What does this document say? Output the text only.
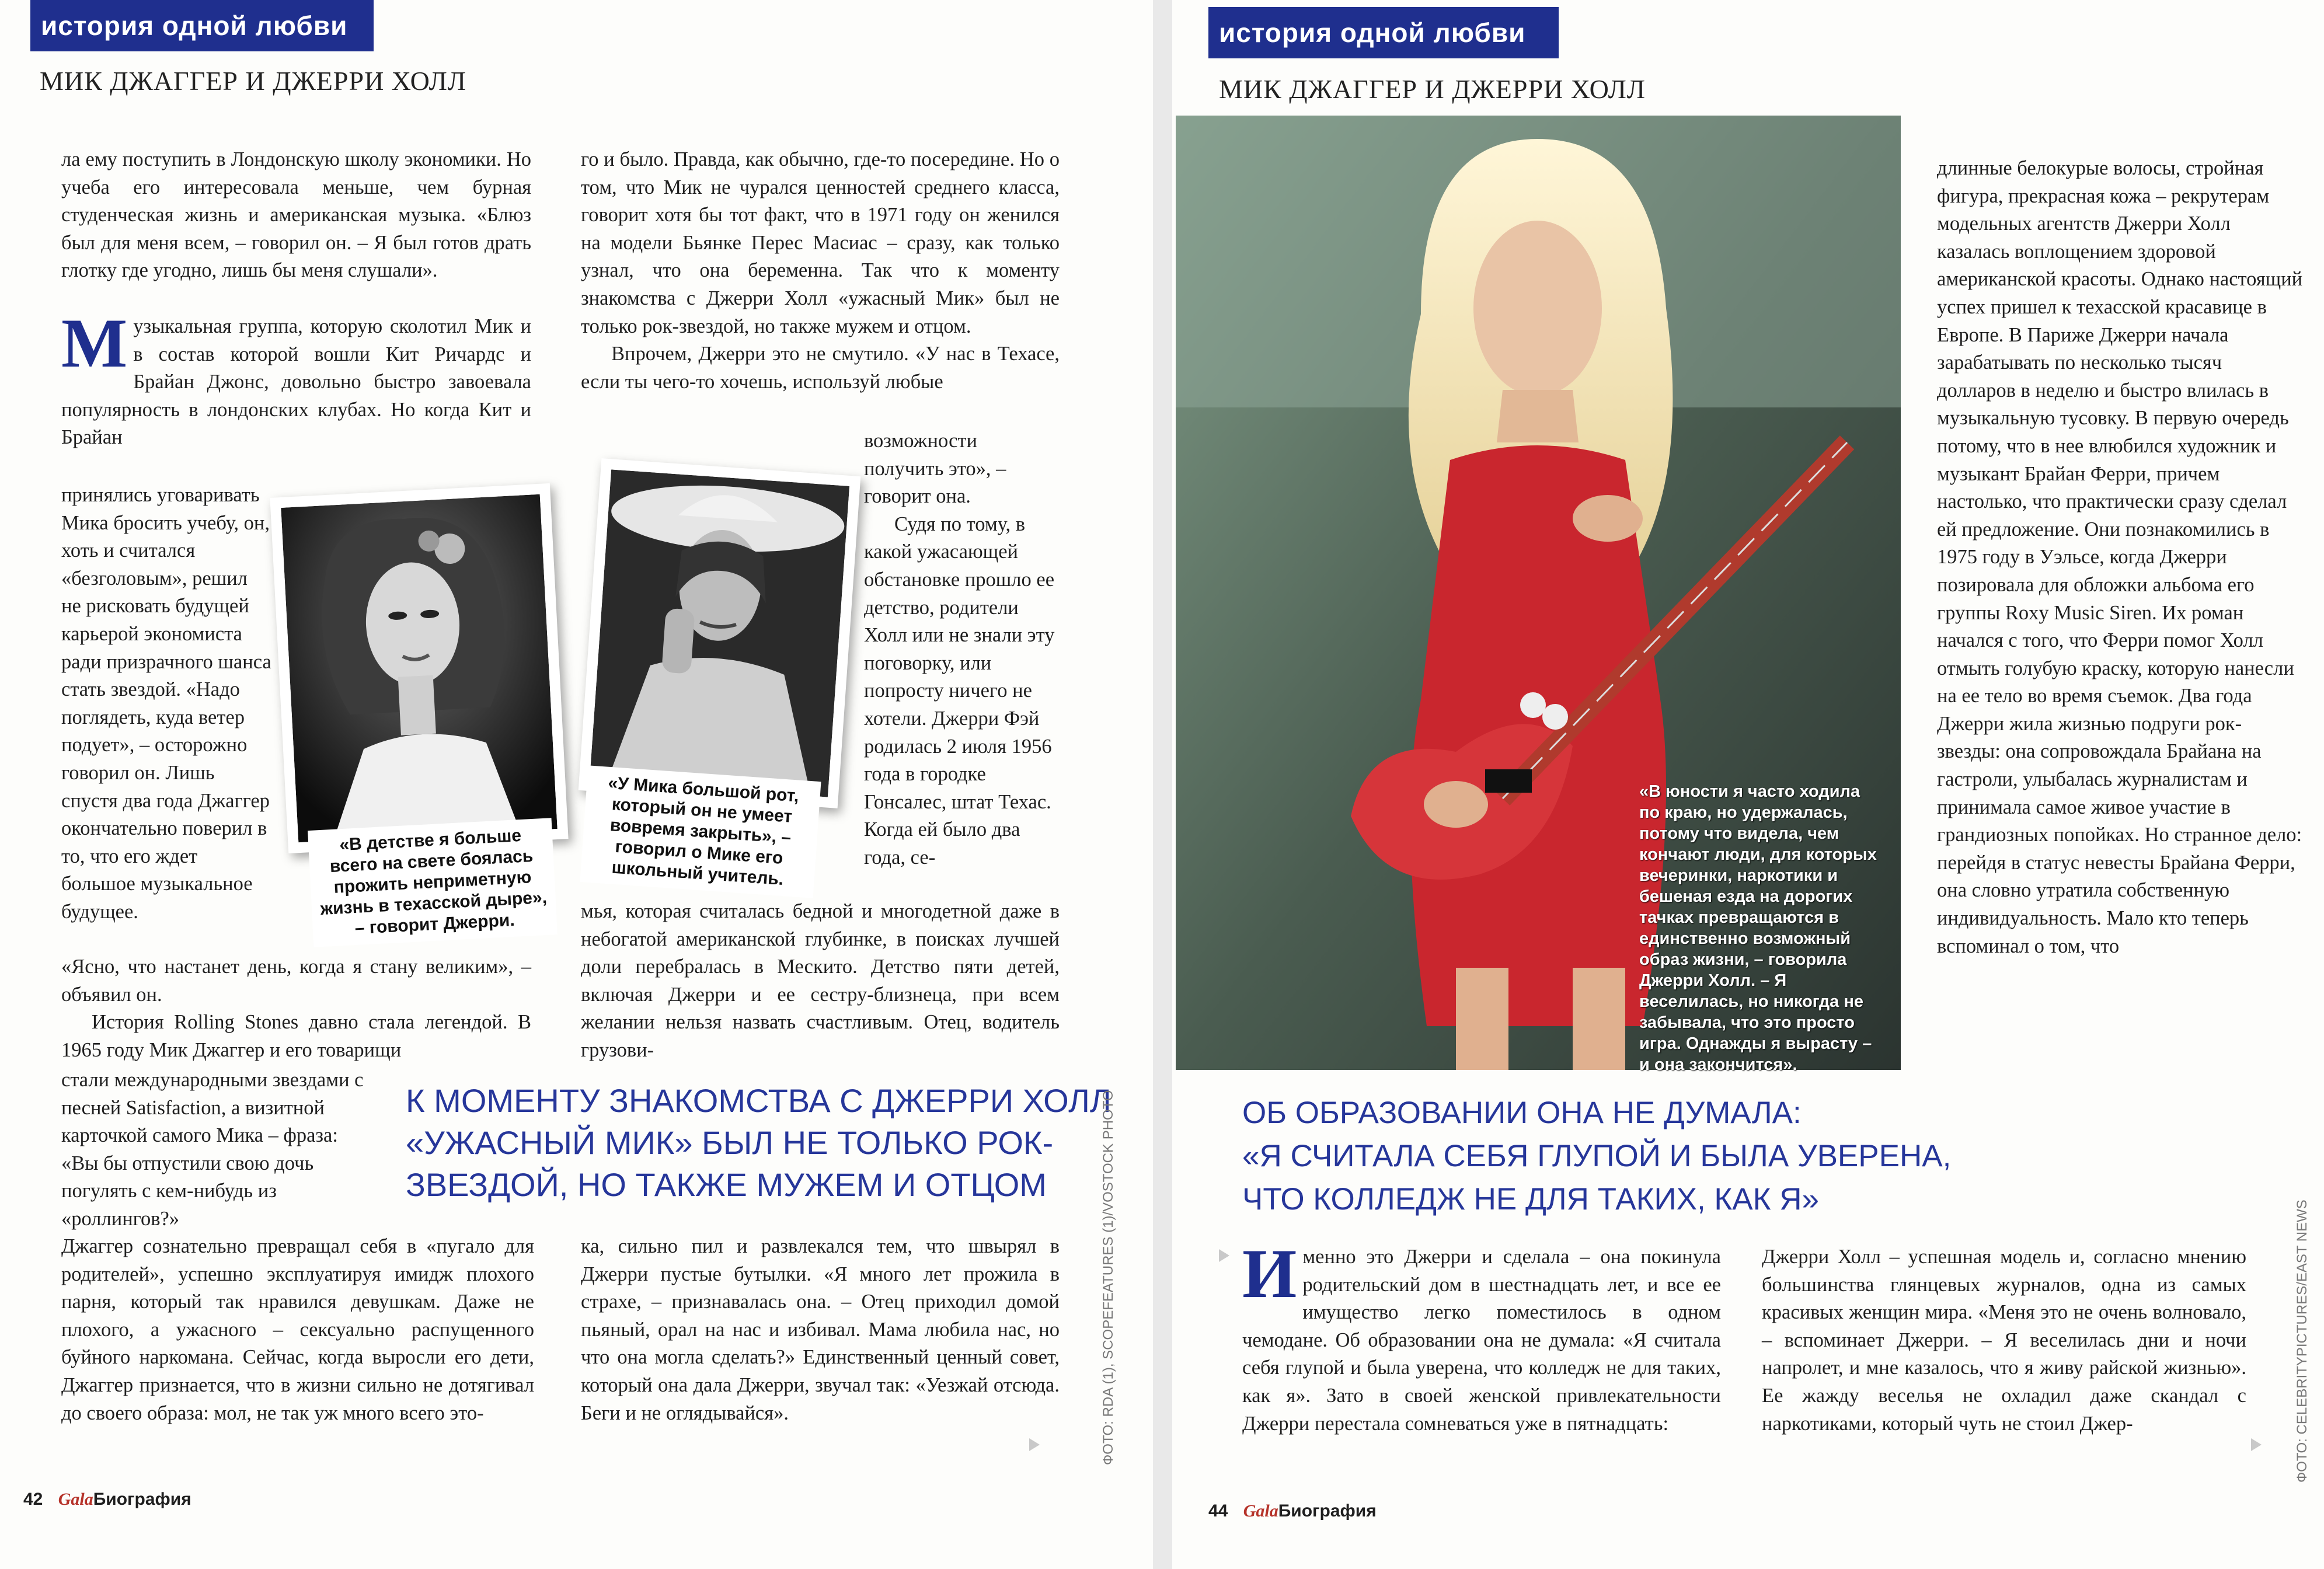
история одной любви
МИК ДЖАГГЕР И ДЖЕРРИ ХОЛЛ

ла ему поступить в Лондонскую школу экономики. Но учеба его интересовала меньше, чем бурная студенческая жизнь и американская музыка. «Блюз был для меня всем, – говорил он. – Я был готов драть глотку где угодно, лишь бы меня слушали».

Музыкальная группа, которую сколотил Мик и в состав которой вошли Кит Ричардс и Брайан Джонс, довольно быстро завоевала популярность в лондонских клубах. Но когда Кит и Брайан

принялись уговаривать Мика бросить учебу, он, хоть и считался «безголовым», решил не рисковать будущей карьерой экономиста ради призрачного шанса стать звездой. «Надо поглядеть, куда ветер подует», – осторожно говорил он. Лишь спустя два года Джаггер окончательно поверил в то, что его ждет большое музыкальное будущее.

«Ясно, что настанет день, когда я стану великим», – объявил он.

История Rolling Stones давно стала легендой. В 1965 году Мик Джаггер и его товарищи

стали международными звездами с песней Satisfaction, а визитной карточкой самого Мика – фраза: «Вы бы отпустили свою дочь погулять с кем-нибудь из «роллингов?»

Джаггер сознательно превращал себя в «пугало для родителей», успешно эксплуатируя имидж плохого парня, который так нравился девушкам. Даже не плохого, а ужасного – сексуально распущенного буйного наркомана. Сейчас, когда выросли его дети, Джаггер признается, что в жизни сильно не дотягивал до своего образа: мол, не так уж много всего это-

го и было. Правда, как обычно, где-то посередине. Но о том, что Мик не чурался ценностей среднего класса, говорит хотя бы тот факт, что в 1971 году он женился на модели Бьянке Перес Масиас – сразу, как только узнал, что она беременна. Так что к моменту знакомства с Джерри Холл «ужасный Мик» был не только рок-звездой, но также мужем и отцом.

Впрочем, Джерри это не смутило. «У нас в Техасе, если ты чего-то хочешь, используй любые

возможности получить это», – говорит она.

Судя по тому, в какой ужасающей обстановке прошло ее детство, родители Холл или не знали эту поговорку, или попросту ничего не хотели. Джерри Фэй родилась 2 июля 1956 года в городке Гонсалес, штат Техас. Когда ей было два года, се-

мья, которая считалась бедной и многодетной даже в небогатой американской глубинке, в поисках лучшей доли перебралась в Мескито. Детство пяти детей, включая Джерри и ее сестру-близнеца, при всем желании нельзя назвать счастливым. Отец, водитель грузови-

ка, сильно пил и развлекался тем, что швырял в Джерри пустые бутылки. «Я много лет прожила в страхе, – признавалась она. – Отец приходил домой пьяный, орал на нас и избивал. Мама любила нас, но что она могла сделать?» Единственный ценный совет, который она дала Джерри, звучал так: «Уезжай отсюда. Беги и не оглядывайся».

К МОМЕНТУ ЗНАКОМСТВА С ДЖЕРРИ ХОЛЛ
«УЖАСНЫЙ МИК» БЫЛ НЕ ТОЛЬКО РОК-
ЗВЕЗДОЙ, НО ТАКЖЕ МУЖЕМ И ОТЦОМ
«В детстве я больше всего на свете боялась прожить неприметную жизнь в техасской дыре», – говорит Джерри.
«У Мика большой рот, который он не умеет вовремя закрыть», – говорил о Мике его школьный учитель.
ФОТО: RDA (1), SCOPEFEATURES (1)/VOSTOCK PHOTO
42 GalaБиография
история одной любви
МИК ДЖАГГЕР И ДЖЕРРИ ХОЛЛ
«В юности я часто ходила по краю, но удержалась, потому что видела, чем кончают люди, для которых вечеринки, наркотики и бешеная езда на дорогих тачках превращаются в единственно возможный образ жизни, – говорила Джерри Холл. – Я веселилась, но никогда не забывала, что это просто игра. Однажды я вырасту – и она закончится».

длинные белокурые волосы, стройная фигура, прекрасная кожа – рекрутерам модельных агентств Джерри Холл казалась воплощением здоровой американской красоты. Однако настоящий успех пришел к техасской красавице в Европе. В Париже Джерри начала зарабатывать по несколько тысяч долларов в неделю и быстро влилась в музыкальную тусовку. В первую очередь потому, что в нее влюбился художник и музыкант Брайан Ферри, причем настолько, что практически сразу сделал ей предложение. Они познакомились в 1975 году в Уэльсе, когда Джерри позировала для обложки альбома его группы Roxy Music Siren. Их роман начался с того, что Ферри помог Холл отмыть голубую краску, которую нанесли на ее тело во время съемок. Два года Джерри жила жизнью подруги рок-звезды: она сопровождала Брайана на гастроли, улыбалась журналистам и принимала самое живое участие в грандиозных попойках. Но странное дело: перейдя в статус невесты Брайана Ферри, она словно утратила собственную индивидуальность. Мало кто теперь вспоминал о том, что

ОБ ОБРАЗОВАНИИ ОНА НЕ ДУМАЛА:
«Я СЧИТАЛА СЕБЯ ГЛУПОЙ И БЫЛА УВЕРЕНА,
ЧТО КОЛЛЕДЖ НЕ ДЛЯ ТАКИХ, КАК Я»

Именно это Джерри и сделала – она покинула родительский дом в шестнадцать лет, и все ее имущество легко поместилось в одном чемодане. Об образовании она не думала: «Я считала себя глупой и была уверена, что колледж не для таких, как я». Зато в своей женской привлекательности Джерри перестала сомневаться уже в пятнадцать:

Джерри Холл – успешная модель и, согласно мнению большинства глянцевых журналов, одна из самых красивых женщин мира. «Меня это не очень волновало, – вспоминает Джерри. – Я веселилась дни и ночи напролет, и мне казалось, что я живу райской жизнью». Ее жажду веселья не охладил даже скандал с наркотиками, который чуть не стоил Джер-	ФОТО: CELEBRITYPICTURES/EAST NEWS
44 GalaБиография
